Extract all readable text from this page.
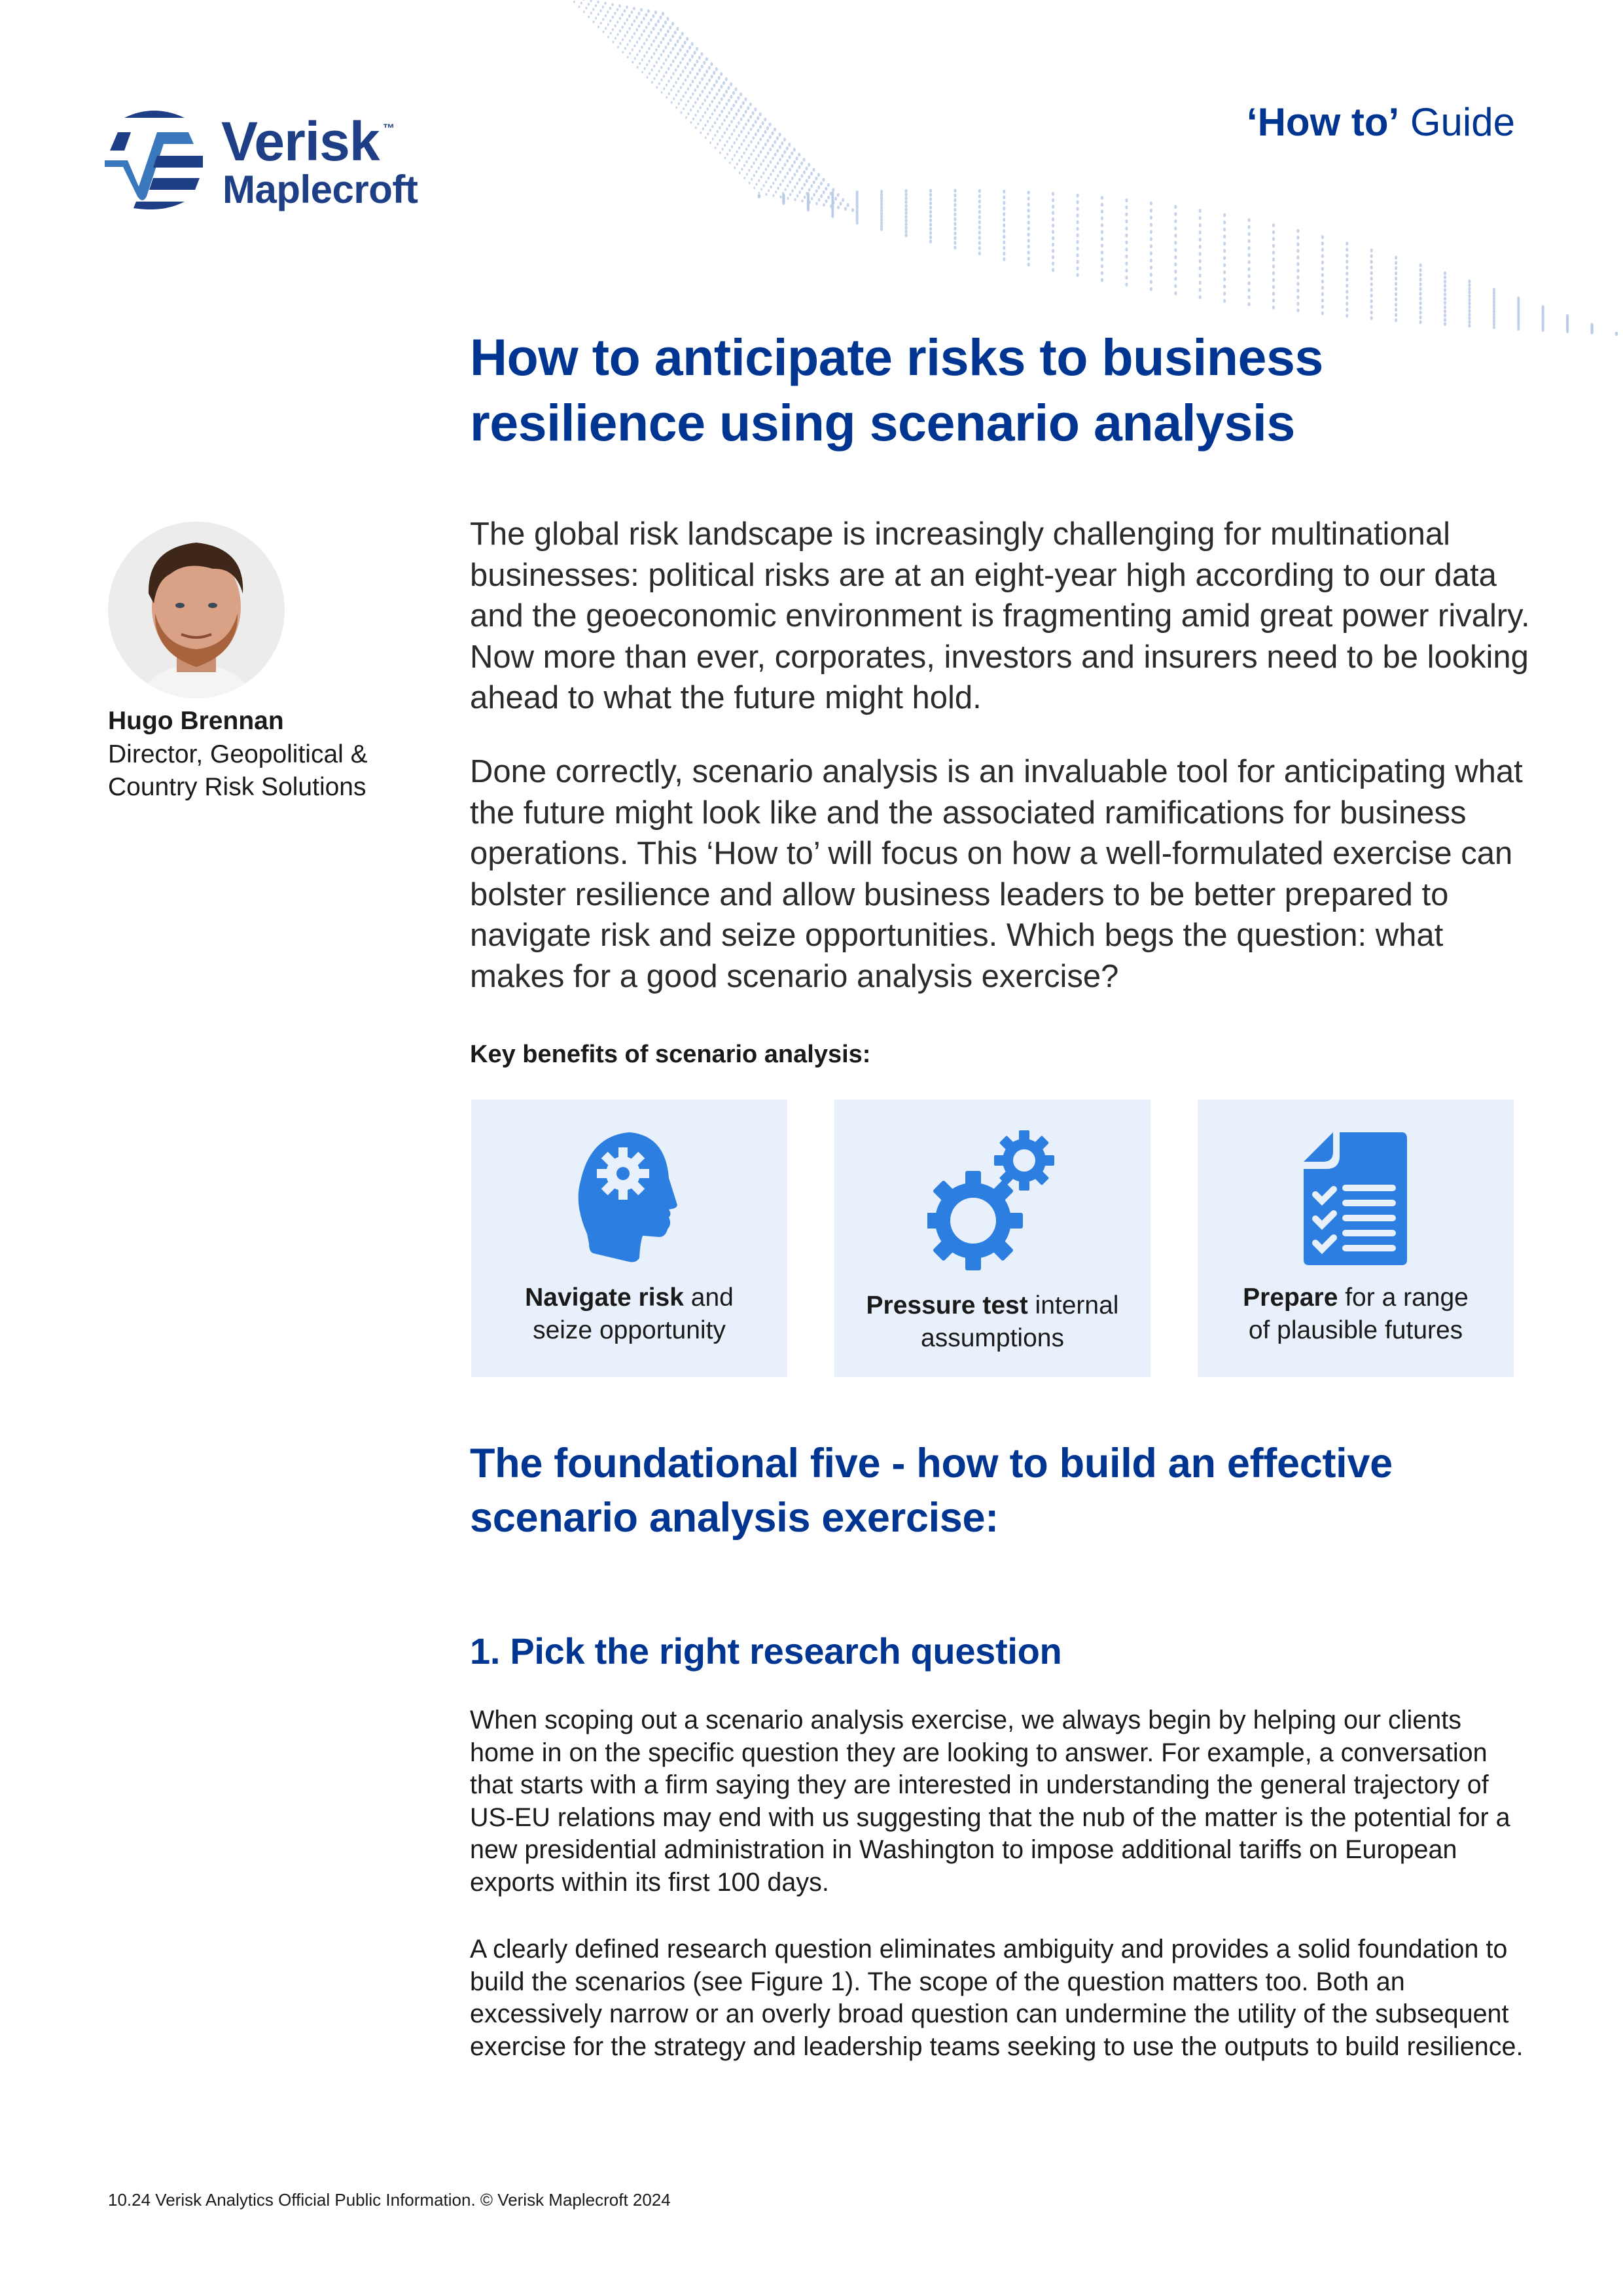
Verisk ™
Maplecroft
‘How to’ Guide
How to anticipate risks to business
resilience using scenario analysis
Hugo Brennan
Director, Geopolitical &
Country Risk Solutions

The global risk landscape is increasingly challenging for multinational businesses: political risks are at an eight-year high according to our data and the geoeconomic environment is fragmenting amid great power rivalry. Now more than ever, corporates, investors and insurers need to be looking ahead to what the future might hold.

Done correctly, scenario analysis is an invaluable tool for anticipating what the future might look like and the associated ramifications for business operations. This ‘How to’ will focus on how a well-formulated exercise can bolster resilience and allow business leaders to be better prepared to navigate risk and seize opportunities. Which begs the question: what makes for a good scenario analysis exercise?

Key benefits of scenario analysis:
Navigate risk and
seize opportunity
Pressure test internal
assumptions
Prepare for a range
of plausible futures
The foundational five - how to build an effective
scenario analysis exercise:
1. Pick the right research question

When scoping out a scenario analysis exercise, we always begin by helping our clients home in on the specific question they are looking to answer. For example, a conversation that starts with a firm saying they are interested in understanding the general trajectory of US-EU relations may end with us suggesting that the nub of the matter is the potential for a new presidential administration in Washington to impose additional tariffs on European exports within its first 100 days.

A clearly defined research question eliminates ambiguity and provides a solid foundation to build the scenarios (see Figure 1). The scope of the question matters too. Both an excessively narrow or an overly broad question can undermine the utility of the subsequent exercise for the strategy and leadership teams seeking to use the outputs to build resilience.

10.24 Verisk Analytics Official Public Information. © Verisk Maplecroft 2024
